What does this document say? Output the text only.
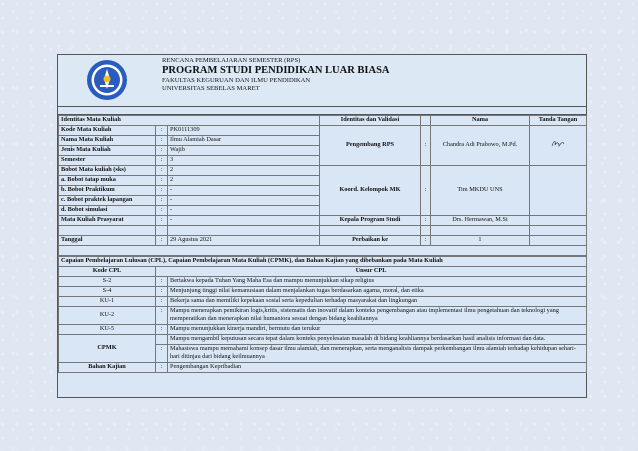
RENCANA PEMBELAJARAN SEMESTER (RPS)
PROGRAM STUDI PENDIDIKAN LUAR BIASA
FAKULTAS KEGURUAN DAN ILMU PENDIDIKAN
UNIVERSITAS SEBELAS MARET
Identitas Mata Kuliah			Identitas dan Validasi		Nama	Tanda Tangan
Kode Mata Kuliah	:	PK0111309	Pengembang RPS	:	Chandra Adi Prabowo, M.Pd.	
Nama Mata Kuliah	:	Ilmu Alamiah Dasar				
Jenis Mata Kuliah	:	Wajib				
Semester	:	3				
Bobot Mata kuliah (sks)	:	2	Koord. Kelompok MK	:	Tim MKDU UNS	
a. Bobot tatap muka	:	2				
b. Bobot Praktikum	:	-				
c. Bobot praktek lapangan	:	-				
d. Bobot simulasi	:	-				
Mata Kuliah Prasyarat	:	-	Kepala Program Studi	:	Drs. Hermawan, M.Si	

Tanggal	:	29 Agustus 2021	Perbaikan ke	:	1	

Capaian Pembelajaran Lulusan (CPL), Capaian Pembelajaran Mata Kuliah (CPMK), dan Bahan Kajian yang dibebankan pada Mata Kuliah		
Kode CPL	Unsur CPL	
S-2	:	Bertakwa kepada Tuhan Yang Maha Esa dan mampu menunjukkan sikap religius
S-4	:	Menjunjung tinggi nilai kemanusiaan dalam menjalankan tugas berdasarkan agama, moral, dan etika
KU-1	:	Bekerja sama dan memiliki kepekaan sosial serta kepedulian terhadap masyarakat dan lingkungan
KU-2	:	Mampu menerapkan pemikiran logis,kritis, sistematis dan inovatif dalam konteks pengembangan atau implementasi ilmu pengetahuan dan teknologi yang memperatikan dan menerapkan nilai humaniora sesuai dengan bidang keahliannya
KU-5	:	Mampu menunjukkan kinerja mandiri, bermutu dan terukur
CPMK		Mampu mengambil keputusan secara tepat dalam konteks penyelesaian masalah di bidang keahliannya berdasarkan hasil analisis informasi dan data.
	:	Mahasiswa mampu memahami konsep dasar ilmu alamiah, dan menerapkan, serta menganalisis dampak perkembangan ilmu alamiah terhadap kehidupan sehari-hari ditinjau dari bidang keilmuannya
Bahan Kajian	:	Pengembangan Kepribadian
